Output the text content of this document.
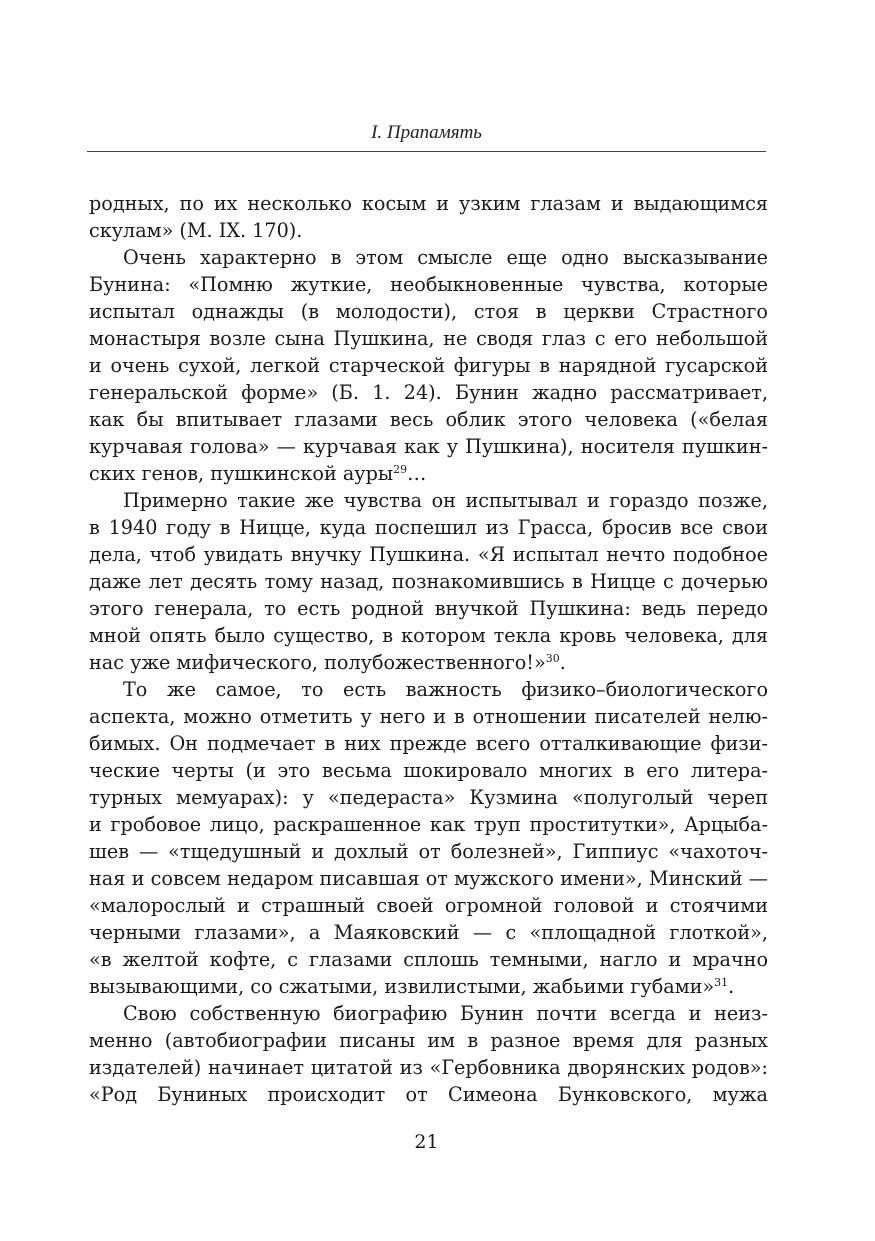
I. Прапамять

родных, по их несколько косым и узким глазам и выдающимся
скулам» (М. IX. 170).

Очень характерно в этом смысле еще одно высказывание
Бунина: «Помню жуткие, необыкновенные чувства, которые
испытал однажды (в молодости), стоя в церкви Страстного
монастыря возле сына Пушкина, не сводя глаз с его небольшой
и очень сухой, легкой старческой фигуры в нарядной гусарской
генеральской форме» (Б. 1. 24). Бунин жадно рассматривает,
как бы впитывает глазами весь облик этого человека («белая
курчавая голова» — курчавая как у Пушкина), носителя пушкин-
ских генов, пушкинской ауры$^{29}$…

Примерно такие же чувства он испытывал и гораздо позже,
в 1940 году в Ницце, куда поспешил из Грасса, бросив все свои
дела, чтоб увидать внучку Пушкина. «Я испытал нечто подобное
даже лет десять тому назад, познакомившись в Ницце с дочерью
этого генерала, то есть родной внучкой Пушкина: ведь передо
мной опять было существо, в котором текла кровь человека, для
нас уже мифического, полубожественного!»$^{30}$.

То же самое, то есть важность физико–биологического
аспекта, можно отметить у него и в отношении писателей нелю-
бимых. Он подмечает в них прежде всего отталкивающие физи-
ческие черты (и это весьма шокировало многих в его литера-
турных мемуарах): у «педераста» Кузмина «полуголый череп
и гробовое лицо, раскрашенное как труп проститутки», Арцыба-
шев — «тщедушный и дохлый от болезней», Гиппиус «чахоточ-
ная и совсем недаром писавшая от мужского имени», Минский —
«малорослый и страшный своей огромной головой и стоячими
черными глазами», а Маяковский — с «площадной глоткой»,
«в желтой кофте, с глазами сплошь темными, нагло и мрачно
вызывающими, со сжатыми, извилистыми, жабьими губами»$^{31}$.

Свою собственную биографию Бунин почти всегда и неиз-
менно (автобиографии писаны им в разное время для разных
издателей) начинает цитатой из «Гербовника дворянских родов»:
«Род Буниных происходит от Симеона Бунковского, мужа

21
